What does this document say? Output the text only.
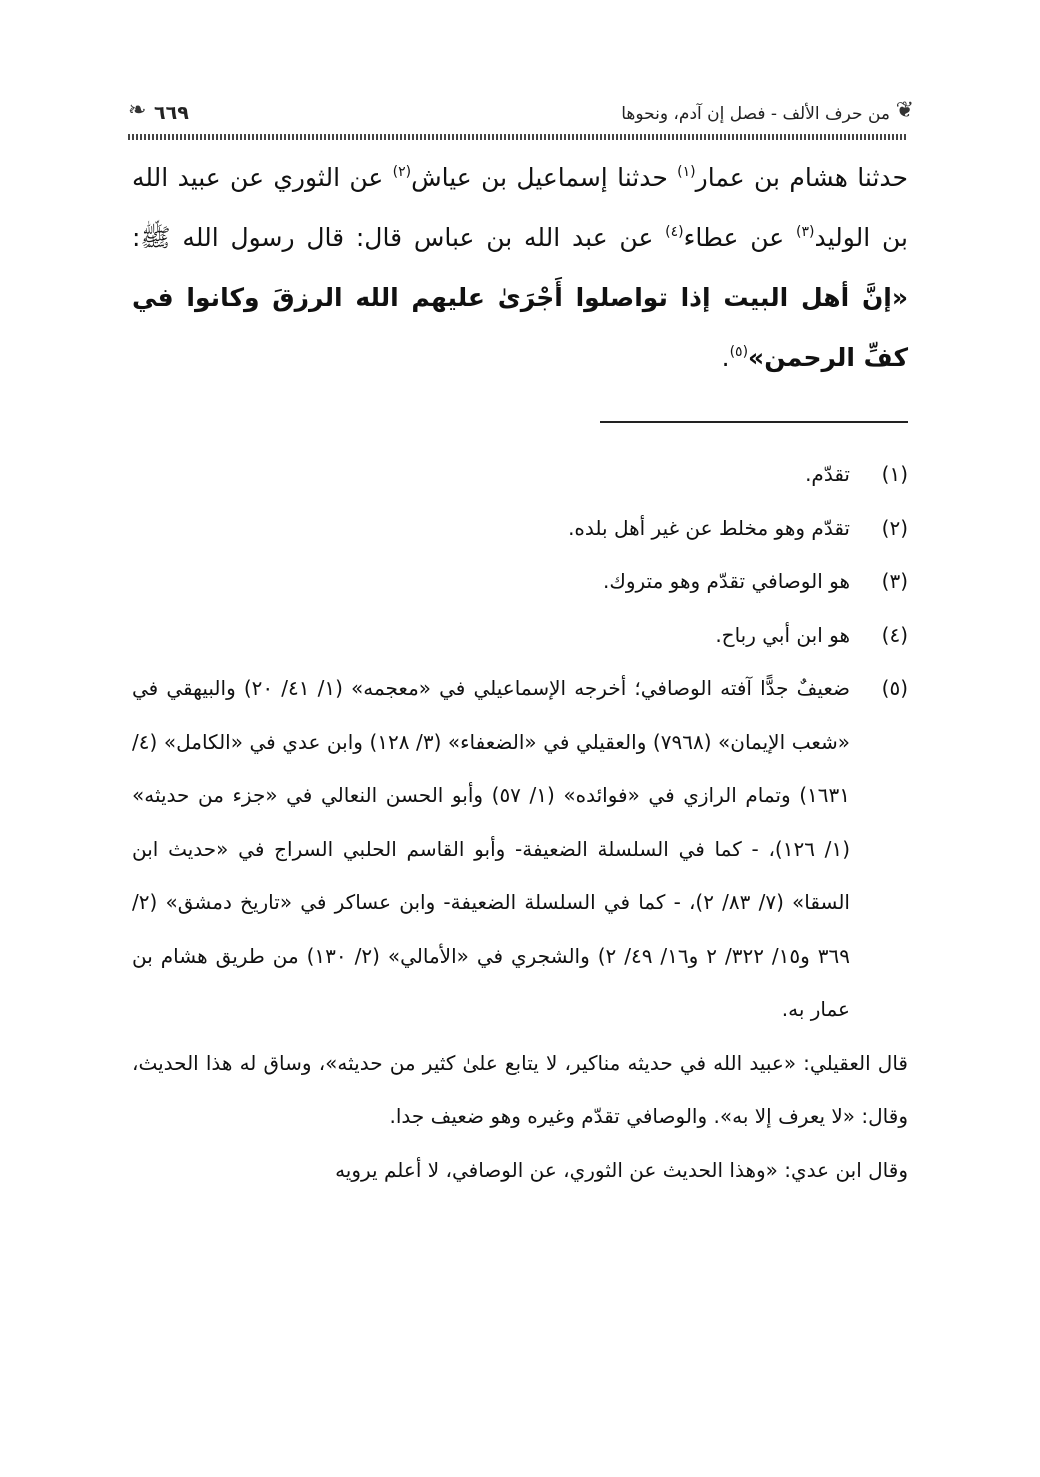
❦
من حرف الألف - فصل إن آدم، ونحوها
٦٦٩
❧
حدثنا هشام بن عمار$^{(١)}$ حدثنا إسماعيل بن عياش$^{(٢)}$ عن الثوري عن عبيد الله بن الوليد$^{(٣)}$ عن عطاء$^{(٤)}$ عن عبد الله بن عباس قال: قال رسول الله ﷺ: «إنَّ أهل البيت إذا تواصلوا أَجْرَىٰ عليهم الله الرزقَ وكانوا في كفِّ الرحمن»$^{(٥)}$.
(١)
تقدّم.
(٢)
تقدّم وهو مخلط عن غير أهل بلده.
(٣)
هو الوصافي تقدّم وهو متروك.
(٤)
هو ابن أبي رباح.
(٥)
ضعيفٌ جدًّا آفته الوصافي؛ أخرجه الإسماعيلي في «معجمه» (١/ ٤١/ ٢٠) والبيهقي في «شعب الإيمان» (٧٩٦٨) والعقيلي في «الضعفاء» (٣/ ١٢٨) وابن عدي في «الكامل» (٤/ ١٦٣١) وتمام الرازي في «فوائده» (١/ ٥٧) وأبو الحسن النعالي في «جزء من حديثه» (١/ ١٢٦)، - كما في السلسلة الضعيفة- وأبو القاسم الحلبي السراج في «حديث ابن السقا» (٧/ ٨٣/ ٢)، - كما في السلسلة الضعيفة- وابن عساكر في «تاريخ دمشق» (٢/ ٣٦٩ و١٥/ ٣٢٢/ ٢ و١٦/ ٤٩/ ٢) والشجري في «الأمالي» (٢/ ١٣٠) من طريق هشام بن عمار به.
قال العقيلي: «عبيد الله في حديثه مناكير، لا يتابع علىٰ كثير من حديثه»، وساق له هذا الحديث، وقال: «لا يعرف إلا به». والوصافي تقدّم وغيره وهو ضعيف جدا.
وقال ابن عدي: «وهذا الحديث عن الثوري، عن الوصافي، لا أعلم يرويه
